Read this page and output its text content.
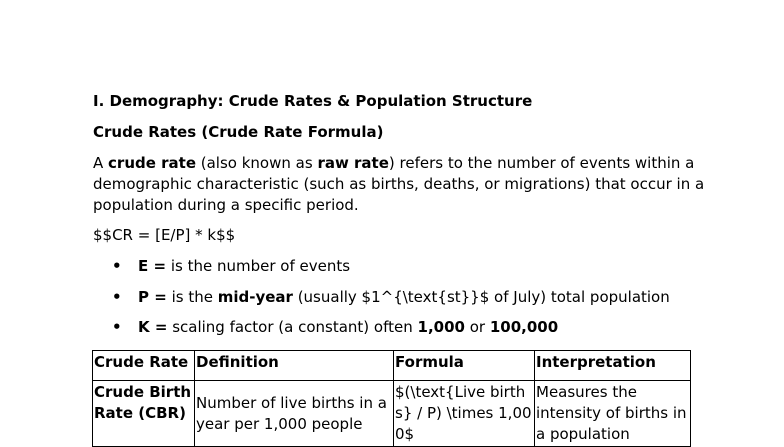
I. Demography: Crude Rates & Population Structure
Crude Rates (Crude Rate Formula)
A crude rate (also known as raw rate) refers to the number of events within a demographic characteristic (such as births, deaths, or migrations) that occur in a population during a specific period.
$$CR = [E/P] * k$$
• E = is the number of events
• P = is the mid-year (usually $1^{\text{st}}$ of July) total population
• K = scaling factor (a constant) often 1,000 or 100,000
Crude Rate	Definition	Formula	Interpretation
Crude Birth Rate (CBR)	Number of live births in a year per 1,000 people	$(\text{Live births} / P) \times 1,000$	Measures the intensity of births in a population
